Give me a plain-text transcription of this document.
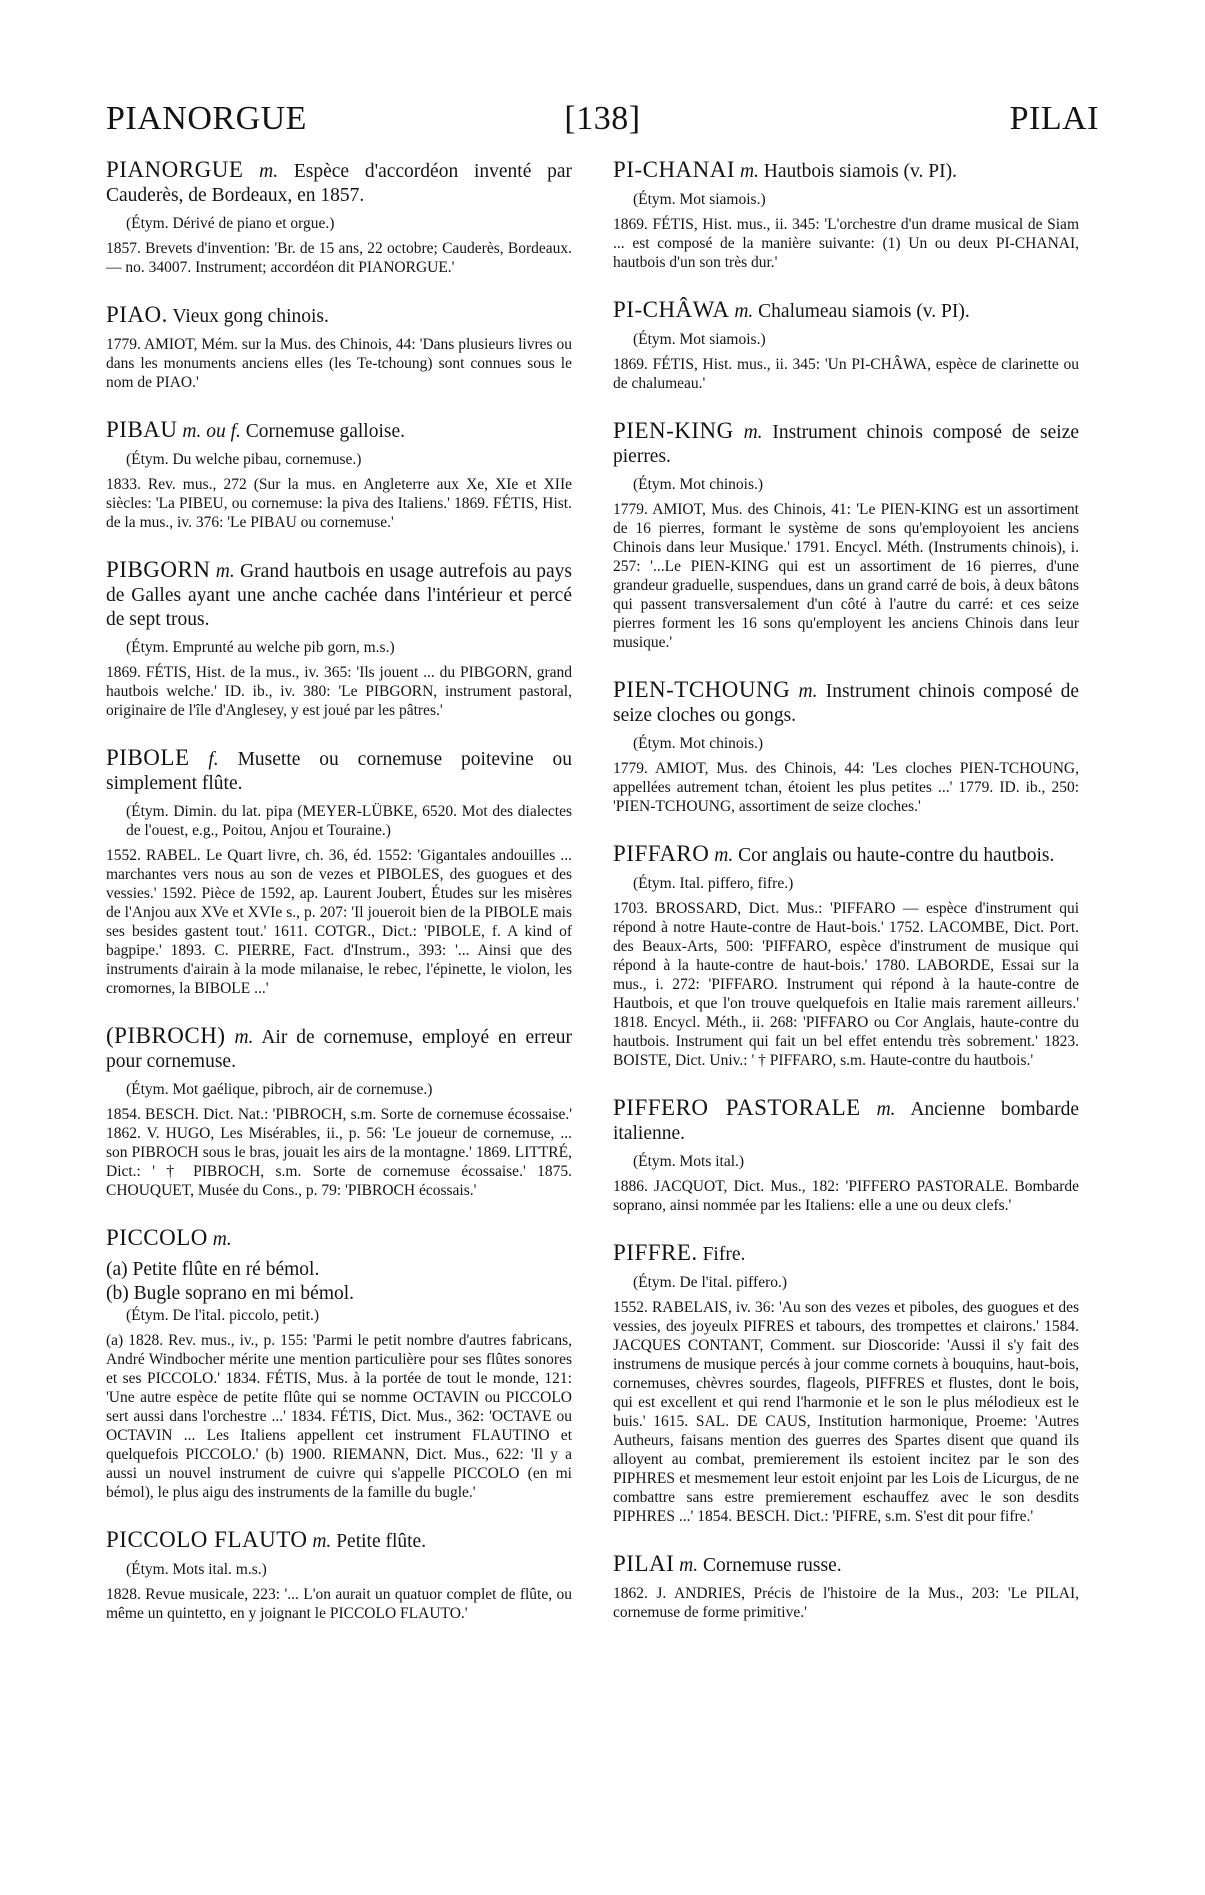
PIANORGUE	[138]	PILAI

PIANORGUE m. Espèce d'accordéon inventé par Cauderès, de Bordeaux, en 1857.

(Étym. Dérivé de piano et orgue.)

1857. Brevets d'invention: 'Br. de 15 ans, 22 octobre; Cauderès, Bordeaux. — no. 34007. Instrument; accordéon dit PIANORGUE.'

PIAO. Vieux gong chinois.

1779. AMIOT, Mém. sur la Mus. des Chinois, 44: 'Dans plusieurs livres ou dans les monuments anciens elles (les Te-tchoung) sont connues sous le nom de PIAO.'

PIBAU m. ou f. Cornemuse galloise.

(Étym. Du welche pibau, cornemuse.)

1833. Rev. mus., 272 (Sur la mus. en Angleterre aux Xe, XIe et XIIe siècles: 'La PIBEU, ou cornemuse: la piva des Italiens.' 1869. FÉTIS, Hist. de la mus., iv. 376: 'Le PIBAU ou cornemuse.'

PIBGORN m. Grand hautbois en usage autrefois au pays de Galles ayant une anche cachée dans l'intérieur et percé de sept trous.

(Étym. Emprunté au welche pib gorn, m.s.)

1869. FÉTIS, Hist. de la mus., iv. 365: 'Ils jouent ... du PIBGORN, grand hautbois welche.' ID. ib., iv. 380: 'Le PIBGORN, instrument pastoral, originaire de l'île d'Anglesey, y est joué par les pâtres.'

PIBOLE f. Musette ou cornemuse poitevine ou simplement flûte.

(Étym. Dimin. du lat. pipa (MEYER-LÜBKE, 6520. Mot des dialectes de l'ouest, e.g., Poitou, Anjou et Touraine.)

1552. RABEL. Le Quart livre, ch. 36, éd. 1552: 'Gigantales andouilles ... marchantes vers nous au son de vezes et PIBOLES, des guogues et des vessies.' 1592. Pièce de 1592, ap. Laurent Joubert, Études sur les misères de l'Anjou aux XVe et XVIe s., p. 207: 'Il joueroit bien de la PIBOLE mais ses besides gastent tout.' 1611. COTGR., Dict.: 'PIBOLE, f. A kind of bagpipe.' 1893. C. PIERRE, Fact. d'Instrum., 393: '... Ainsi que des instruments d'airain à la mode milanaise, le rebec, l'épinette, le violon, les cromornes, la BIBOLE ...'

(PIBROCH) m. Air de cornemuse, employé en erreur pour cornemuse.

(Étym. Mot gaélique, pibroch, air de cornemuse.)

1854. BESCH. Dict. Nat.: 'PIBROCH, s.m. Sorte de cornemuse écossaise.' 1862. V. HUGO, Les Misérables, ii., p. 56: 'Le joueur de cornemuse, ... son PIBROCH sous le bras, jouait les airs de la montagne.' 1869. LITTRÉ, Dict.: ' † PIBROCH, s.m. Sorte de cornemuse écossaise.' 1875. CHOUQUET, Musée du Cons., p. 79: 'PIBROCH écossais.'

PICCOLO m.

(a) Petite flûte en ré bémol.

(b) Bugle soprano en mi bémol.

(Étym. De l'ital. piccolo, petit.)

(a) 1828. Rev. mus., iv., p. 155: 'Parmi le petit nombre d'autres fabricans, André Windbocher mérite une mention particulière pour ses flûtes sonores et ses PICCOLO.' 1834. FÉTIS, Mus. à la portée de tout le monde, 121: 'Une autre espèce de petite flûte qui se nomme OCTAVIN ou PICCOLO sert aussi dans l'orchestre ...' 1834. FÉTIS, Dict. Mus., 362: 'OCTAVE ou OCTAVIN ... Les Italiens appellent cet instrument FLAUTINO et quelquefois PICCOLO.' (b) 1900. RIEMANN, Dict. Mus., 622: 'Il y a aussi un nouvel instrument de cuivre qui s'appelle PICCOLO (en mi bémol), le plus aigu des instruments de la famille du bugle.'

PICCOLO FLAUTO m. Petite flûte.

(Étym. Mots ital. m.s.)

1828. Revue musicale, 223: '... L'on aurait un quatuor complet de flûte, ou même un quintetto, en y joignant le PICCOLO FLAUTO.'

PI-CHANAI m. Hautbois siamois (v. PI).

(Étym. Mot siamois.)

1869. FÉTIS, Hist. mus., ii. 345: 'L'orchestre d'un drame musical de Siam ... est composé de la manière suivante: (1) Un ou deux PI-CHANAI, hautbois d'un son très dur.'

PI-CHÂWA m. Chalumeau siamois (v. PI).

(Étym. Mot siamois.)

1869. FÉTIS, Hist. mus., ii. 345: 'Un PI-CHÂWA, espèce de clarinette ou de chalumeau.'

PIEN-KING m. Instrument chinois composé de seize pierres.

(Étym. Mot chinois.)

1779. AMIOT, Mus. des Chinois, 41: 'Le PIEN-KING est un assortiment de 16 pierres, formant le système de sons qu'employoient les anciens Chinois dans leur Musique.' 1791. Encycl. Méth. (Instruments chinois), i. 257: '...Le PIEN-KING qui est un assortiment de 16 pierres, d'une grandeur graduelle, suspendues, dans un grand carré de bois, à deux bâtons qui passent transversalement d'un côté à l'autre du carré: et ces seize pierres forment les 16 sons qu'employent les anciens Chinois dans leur musique.'

PIEN-TCHOUNG m. Instrument chinois composé de seize cloches ou gongs.

(Étym. Mot chinois.)

1779. AMIOT, Mus. des Chinois, 44: 'Les cloches PIEN-TCHOUNG, appellées autrement tchan, étoient les plus petites ...' 1779. ID. ib., 250: 'PIEN-TCHOUNG, assortiment de seize cloches.'

PIFFARO m. Cor anglais ou haute-contre du hautbois.

(Étym. Ital. piffero, fifre.)

1703. BROSSARD, Dict. Mus.: 'PIFFARO — espèce d'instrument qui répond à notre Haute-contre de Haut-bois.' 1752. LACOMBE, Dict. Port. des Beaux-Arts, 500: 'PIFFARO, espèce d'instrument de musique qui répond à la haute-contre de haut-bois.' 1780. LABORDE, Essai sur la mus., i. 272: 'PIFFARO. Instrument qui répond à la haute-contre de Hautbois, et que l'on trouve quelquefois en Italie mais rarement ailleurs.' 1818. Encycl. Méth., ii. 268: 'PIFFARO ou Cor Anglais, haute-contre du hautbois. Instrument qui fait un bel effet entendu très sobrement.' 1823. BOISTE, Dict. Univ.: ' † PIFFARO, s.m. Haute-contre du hautbois.'

PIFFERO PASTORALE m. Ancienne bombarde italienne.

(Étym. Mots ital.)

1886. JACQUOT, Dict. Mus., 182: 'PIFFERO PASTORALE. Bombarde soprano, ainsi nommée par les Italiens: elle a une ou deux clefs.'

PIFFRE. Fifre.

(Étym. De l'ital. piffero.)

1552. RABELAIS, iv. 36: 'Au son des vezes et piboles, des guogues et des vessies, des joyeulx PIFRES et tabours, des trompettes et clairons.' 1584. JACQUES CONTANT, Comment. sur Dioscoride: 'Aussi il s'y fait des instrumens de musique percés à jour comme cornets à bouquins, haut-bois, cornemuses, chèvres sourdes, flageols, PIFFRES et flustes, dont le bois, qui est excellent et qui rend l'harmonie et le son le plus mélodieux est le buis.' 1615. SAL. DE CAUS, Institution harmonique, Proeme: 'Autres Autheurs, faisans mention des guerres des Spartes disent que quand ils alloyent au combat, premierement ils estoient incitez par le son des PIPHRES et mesmement leur estoit enjoint par les Lois de Licurgus, de ne combattre sans estre premierement eschauffez avec le son desdits PIPHRES ...' 1854. BESCH. Dict.: 'PIFRE, s.m. S'est dit pour fifre.'

PILAI m. Cornemuse russe.

1862. J. ANDRIES, Précis de l'histoire de la Mus., 203: 'Le PILAI, cornemuse de forme primitive.'
